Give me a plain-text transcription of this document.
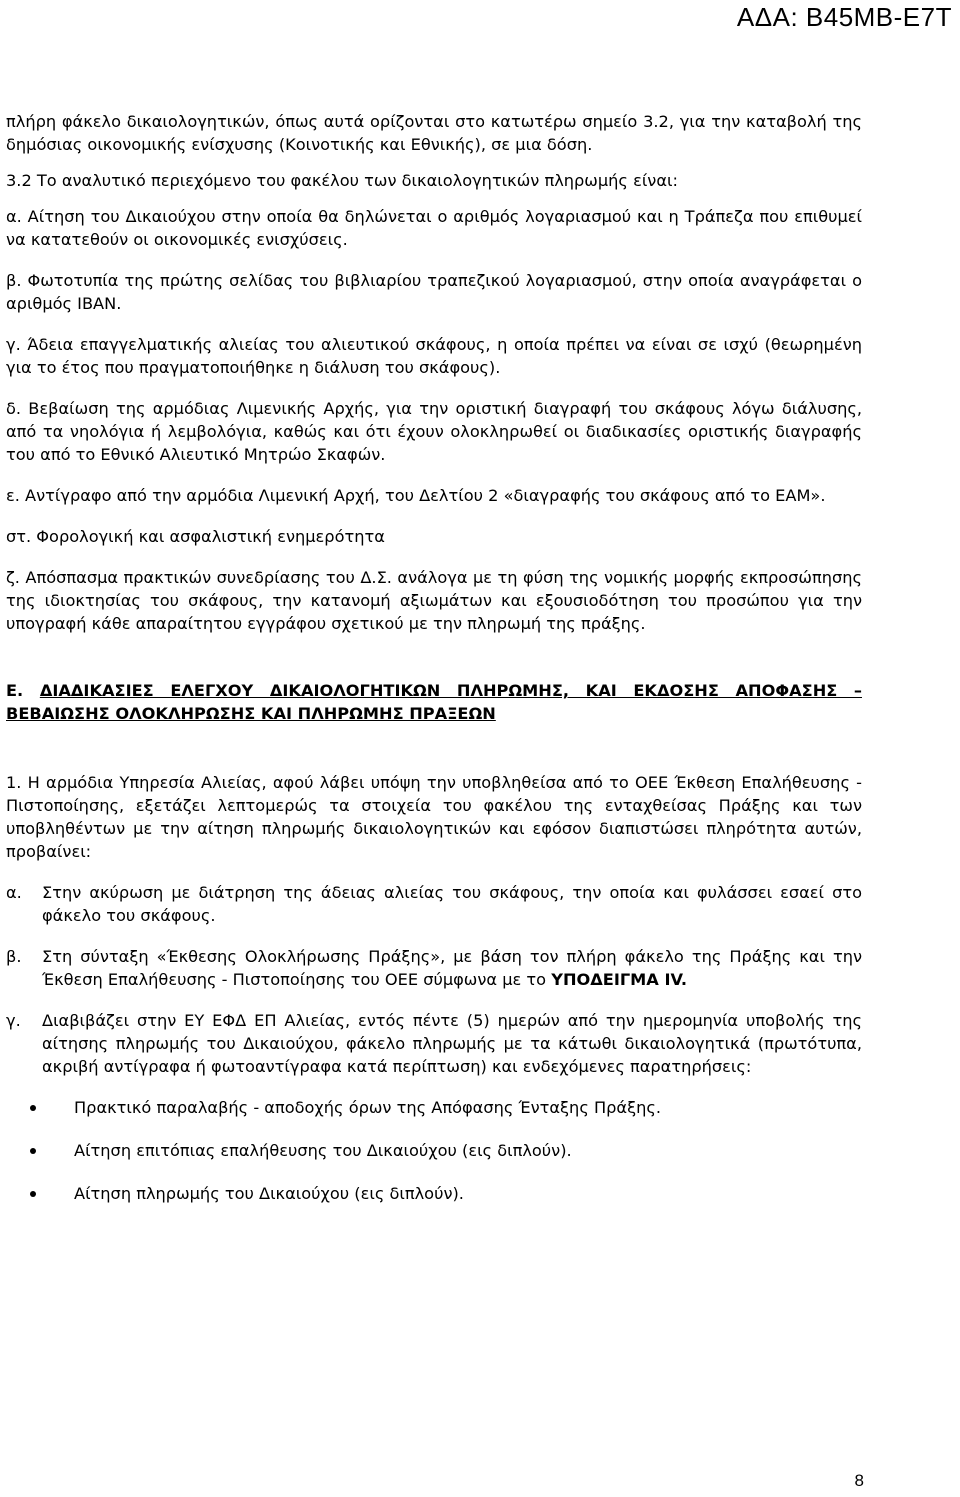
ΑΔΑ: Β45ΜΒ-Ε7Τ

πλήρη φάκελο δικαιολογητικών, όπως αυτά ορίζονται στο κατωτέρω σημείο 3.2, για την καταβολή της δημόσιας οικονομικής ενίσχυσης (Κοινοτικής και Εθνικής), σε μια δόση.

3.2 Το αναλυτικό περιεχόμενο του φακέλου των δικαιολογητικών πληρωμής είναι:

α. Αίτηση του Δικαιούχου στην οποία θα δηλώνεται ο αριθμός λογαριασμού και η Τράπεζα που επιθυμεί να κατατεθούν οι οικονομικές ενισχύσεις.

β. Φωτοτυπία της πρώτης σελίδας του βιβλιαρίου τραπεζικού λογαριασμού, στην οποία αναγράφεται ο αριθμός ΙΒΑΝ.

γ. Άδεια επαγγελματικής αλιείας του αλιευτικού σκάφους, η οποία πρέπει να είναι σε ισχύ (θεωρημένη για το έτος που πραγματοποιήθηκε η διάλυση του σκάφους).

δ. Βεβαίωση της αρμόδιας Λιμενικής Αρχής, για την οριστική διαγραφή του σκάφους λόγω διάλυσης, από τα νηολόγια ή λεμβολόγια, καθώς και ότι έχουν ολοκληρωθεί οι διαδικασίες οριστικής διαγραφής του από το Εθνικό Αλιευτικό Μητρώο Σκαφών.

ε. Αντίγραφο από την αρμόδια Λιμενική Αρχή, του Δελτίου 2 «διαγραφής του σκάφους από το ΕΑΜ».

στ. Φορολογική και ασφαλιστική ενημερότητα

ζ. Απόσπασμα πρακτικών συνεδρίασης του Δ.Σ. ανάλογα με τη φύση της νομικής μορφής εκπροσώπησης της ιδιοκτησίας του σκάφους, την κατανομή αξιωμάτων και εξουσιοδότηση του προσώπου για την υπογραφή κάθε απαραίτητου εγγράφου σχετικού με την πληρωμή της πράξης.

Ε. ΔΙΑΔΙΚΑΣΙΕΣ ΕΛΕΓΧΟΥ ΔΙΚΑΙΟΛΟΓΗΤΙΚΩΝ ΠΛΗΡΩΜΗΣ, ΚΑΙ ΕΚΔΟΣΗΣ ΑΠΟΦΑΣΗΣ – ΒΕΒΑΙΩΣΗΣ ΟΛΟΚΛΗΡΩΣΗΣ ΚΑΙ ΠΛΗΡΩΜΗΣ ΠΡΑΞΕΩΝ

1. Η αρμόδια Υπηρεσία Αλιείας, αφού λάβει υπόψη την υποβληθείσα από το ΟΕΕ Έκθεση Επαλήθευσης - Πιστοποίησης, εξετάζει λεπτομερώς τα στοιχεία του φακέλου της ενταχθείσας Πράξης και των υποβληθέντων με την αίτηση πληρωμής δικαιολογητικών και εφόσον διαπιστώσει πληρότητα αυτών, προβαίνει:

α. Στην ακύρωση με διάτρηση της άδειας αλιείας του σκάφους, την οποία και φυλάσσει εσαεί στο φάκελο του σκάφους.
β. Στη σύνταξη «Έκθεσης Ολοκλήρωσης Πράξης», με βάση τον πλήρη φάκελο της Πράξης και την Έκθεση Επαλήθευσης - Πιστοποίησης του ΟΕΕ σύμφωνα με το ΥΠΟΔΕΙΓΜΑ IV.
γ. Διαβιβάζει στην ΕΥ ΕΦΔ ΕΠ Αλιείας, εντός πέντε (5) ημερών από την ημερομηνία υποβολής της αίτησης πληρωμής του Δικαιούχου, φάκελο πληρωμής με τα κάτωθι δικαιολογητικά (πρωτότυπα, ακριβή αντίγραφα ή φωτοαντίγραφα κατά περίπτωση) και ενδεχόμενες παρατηρήσεις:
Πρακτικό παραλαβής - αποδοχής όρων της Απόφασης Ένταξης Πράξης.
Αίτηση επιτόπιας επαλήθευσης του Δικαιούχου (εις διπλούν).
Αίτηση πληρωμής του Δικαιούχου (εις διπλούν).
8
